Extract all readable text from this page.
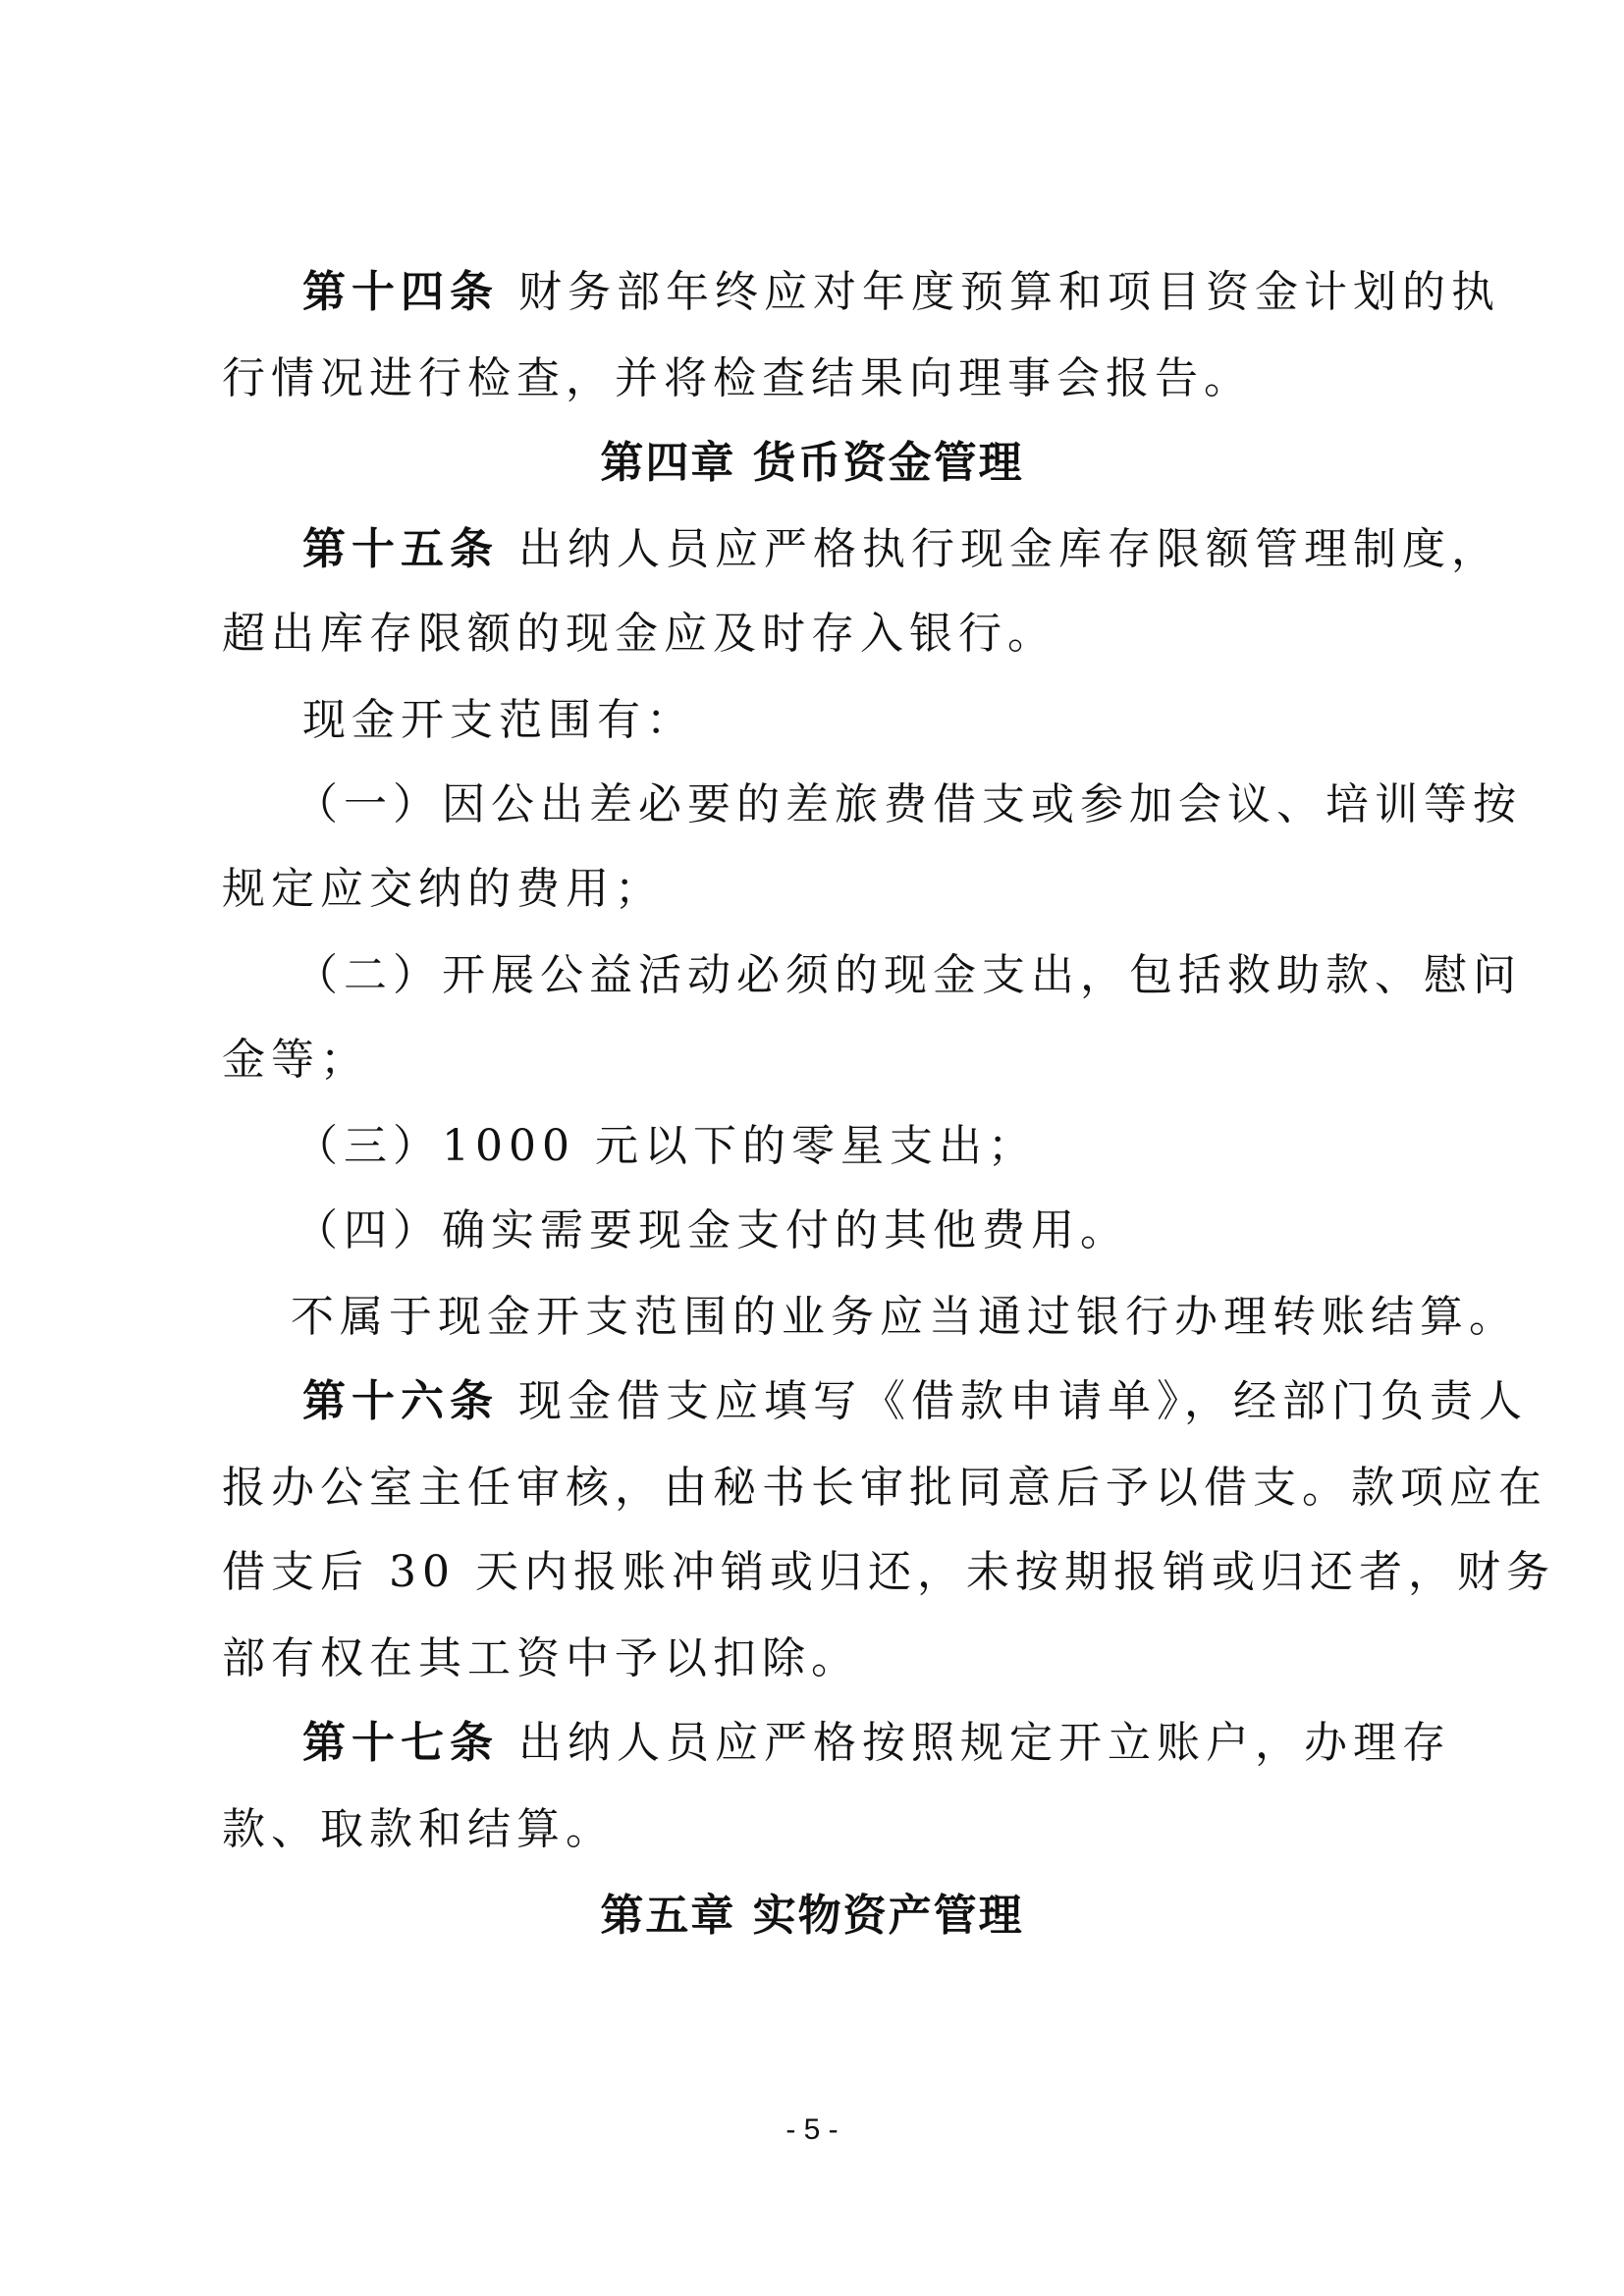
第十四条 财务部年终应对年度预算和项目资金计划的执
行情况进行检查，并将检查结果向理事会报告。
第四章 货币资金管理
第十五条 出纳人员应严格执行现金库存限额管理制度，
超出库存限额的现金应及时存入银行。
现金开支范围有：
（一）因公出差必要的差旅费借支或参加会议、培训等按
规定应交纳的费用；
（二）开展公益活动必须的现金支出，包括救助款、慰问
金等；
（三）1000 元以下的零星支出；
（四）确实需要现金支付的其他费用。
不属于现金开支范围的业务应当通过银行办理转账结算。
第十六条 现金借支应填写《借款申请单》，经部门负责人
报办公室主任审核，由秘书长审批同意后予以借支。款项应在
借支后 30 天内报账冲销或归还，未按期报销或归还者，财务
部有权在其工资中予以扣除。
第十七条 出纳人员应严格按照规定开立账户，办理存
款、取款和结算。
第五章 实物资产管理
- 5 -
